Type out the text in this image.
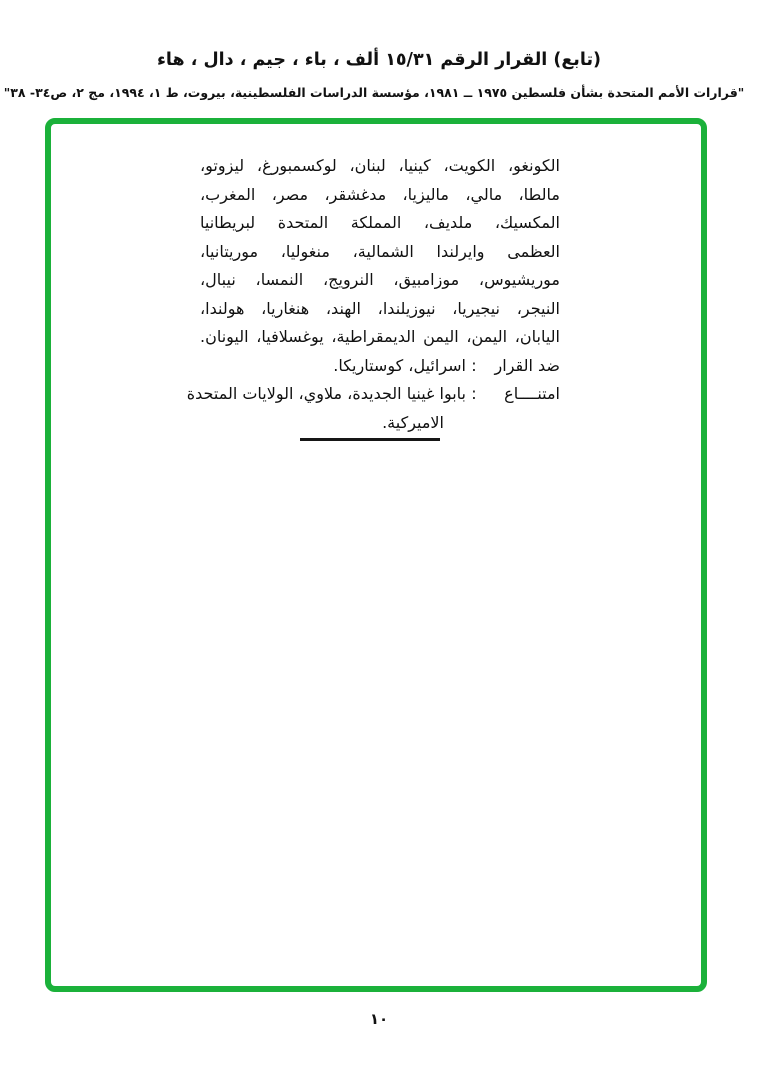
(تابع) القرار الرقم ١٥/٣١ ألف ، باء ، جيم ، دال ، هاء
"قرارات الأمم المتحدة بشأن فلسطين ١٩٧٥ ــ ١٩٨١، مؤسسة الدراسات الفلسطينية، بيروت، ط ١، ١٩٩٤، مج ٢، ص٣٤- ٣٨"
الكونغو، الكويت، كينيا، لبنان، لوكسمبورغ، ليزوتو،
مالطا، مالي، ماليزيا، مدغشقر، مصر، المغرب،
المكسيك، ملديف، المملكة المتحدة لبريطانيا
العظمى وايرلندا الشمالية، منغوليا، موريتانيا،
موريشيوس، موزامبيق، النرويج، النمسا، نيبال،
النيجر، نيجيريا، نيوزيلندا، الهند، هنغاريا، هولندا،
اليابان، اليمن، اليمن الديمقراطية، يوغسلافيا، اليونان.
ضد القرار
:
اسرائيل، كوستاريكا.
امتنــــاع
:
بابوا غينيا الجديدة، ملاوي، الولايات المتحدة
الاميركية.
١٠
